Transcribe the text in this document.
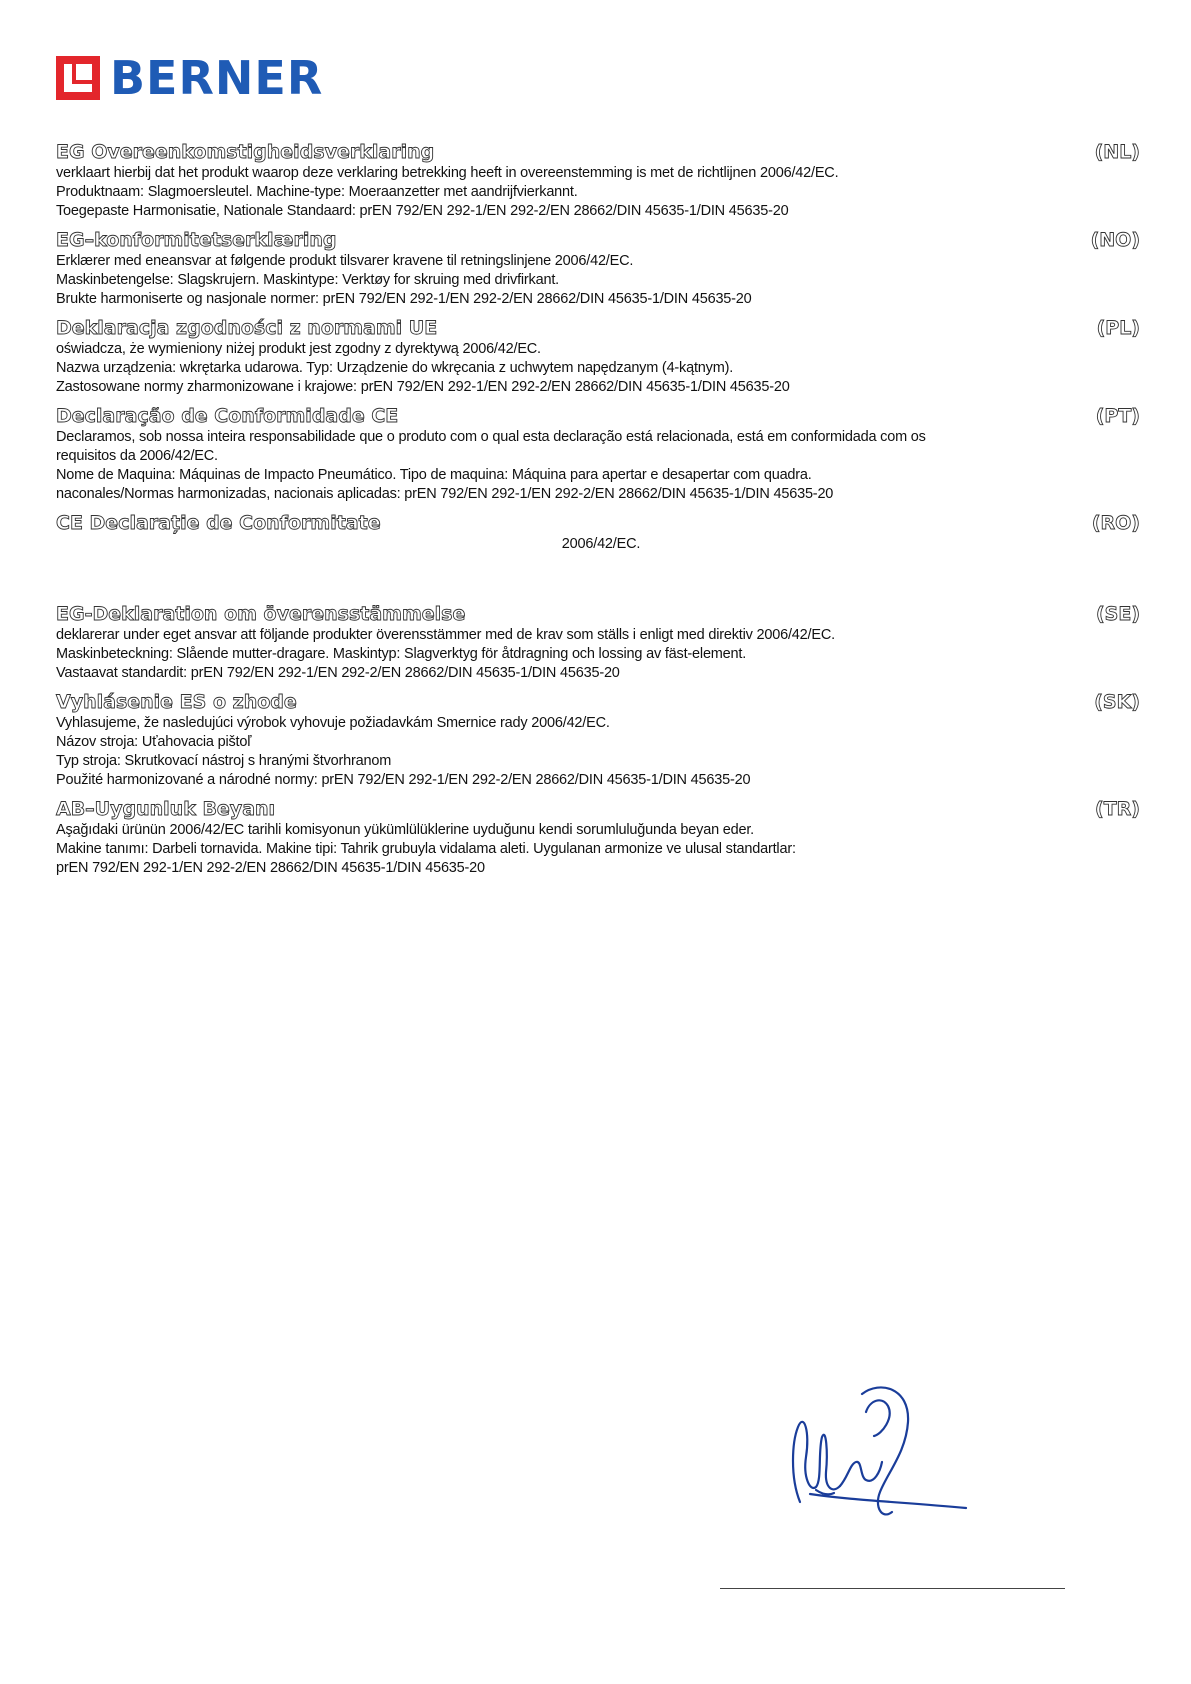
BERNER
EG Overeenkomstigheidsverklaring	(NL)
verklaart hierbij dat het produkt waarop deze verklaring betrekking heeft in overeenstemming is met de richtlijnen 2006/42/EC.
Produktnaam: Slagmoersleutel. Machine-type: Moeraanzetter met aandrijfvierkannt.
Toegepaste Harmonisatie, Nationale Standaard: prEN 792/EN 292-1/EN 292-2/EN 28662/DIN 45635-1/DIN 45635-20
EG–konformitetserklæring	(NO)
Erklærer med eneansvar at følgende produkt tilsvarer kravene til retningslinjene 2006/42/EC.
Maskinbetengelse: Slagskrujern. Maskintype: Verktøy for skruing med drivfirkant.
Brukte harmoniserte og nasjonale normer: prEN 792/EN 292-1/EN 292-2/EN 28662/DIN 45635-1/DIN 45635-20
Deklaracja zgodności z normami UE	(PL)
oświadcza, że wymieniony niżej produkt jest zgodny z dyrektywą 2006/42/EC.
Nazwa urządzenia: wkrętarka udarowa. Typ: Urządzenie do wkręcania z uchwytem napędzanym (4-kątnym).
Zastosowane normy zharmonizowane i krajowe: prEN 792/EN 292-1/EN 292-2/EN 28662/DIN 45635-1/DIN 45635-20
Declaração de Conformidade CE	(PT)
Declaramos, sob nossa inteira responsabilidade que o produto com o qual esta declaração está relacionada, está em conformidada com os requisitos da 2006/42/EC.
Nome de Maquina: Máquinas de Impacto Pneumático. Tipo de maquina: Máquina para apertar e desapertar com quadra.
naconales/Normas harmonizadas, nacionais aplicadas: prEN 792/EN 292-1/EN 292-2/EN 28662/DIN 45635-1/DIN 45635-20
CE Declarație de Conformitate	(RO)
2006/42/EC.
EG-Deklaration om överensstämmelse	(SE)
deklarerar under eget ansvar att följande produkter överensstämmer med de krav som ställs i enligt med direktiv 2006/42/EC.
Maskinbeteckning: Slående mutter-dragare. Maskintyp: Slagverktyg för åtdragning och lossing av fäst-element.
Vastaavat standardit: prEN 792/EN 292-1/EN 292-2/EN 28662/DIN 45635-1/DIN 45635-20
Vyhlásenie ES o zhode	(SK)
Vyhlasujeme, že nasledujúci výrobok vyhovuje požiadavkám Smernice rady 2006/42/EC.
Názov stroja: Uťahovacia pištoľ
Typ stroja: Skrutkovací nástroj s hranými štvorhranom
Použité harmonizované a národné normy: prEN 792/EN 292-1/EN 292-2/EN 28662/DIN 45635-1/DIN 45635-20
AB–Uygunluk Beyanı	(TR)
Aşağıdaki ürünün 2006/42/EC tarihli komisyonun yükümlülüklerine uyduğunu kendi sorumluluğunda beyan eder.
Makine tanımı: Darbeli tornavida. Makine tipi: Tahrik grubuyla vidalama aleti. Uygulanan armonize ve ulusal standartlar:
prEN 792/EN 292-1/EN 292-2/EN 28662/DIN 45635-1/DIN 45635-20
